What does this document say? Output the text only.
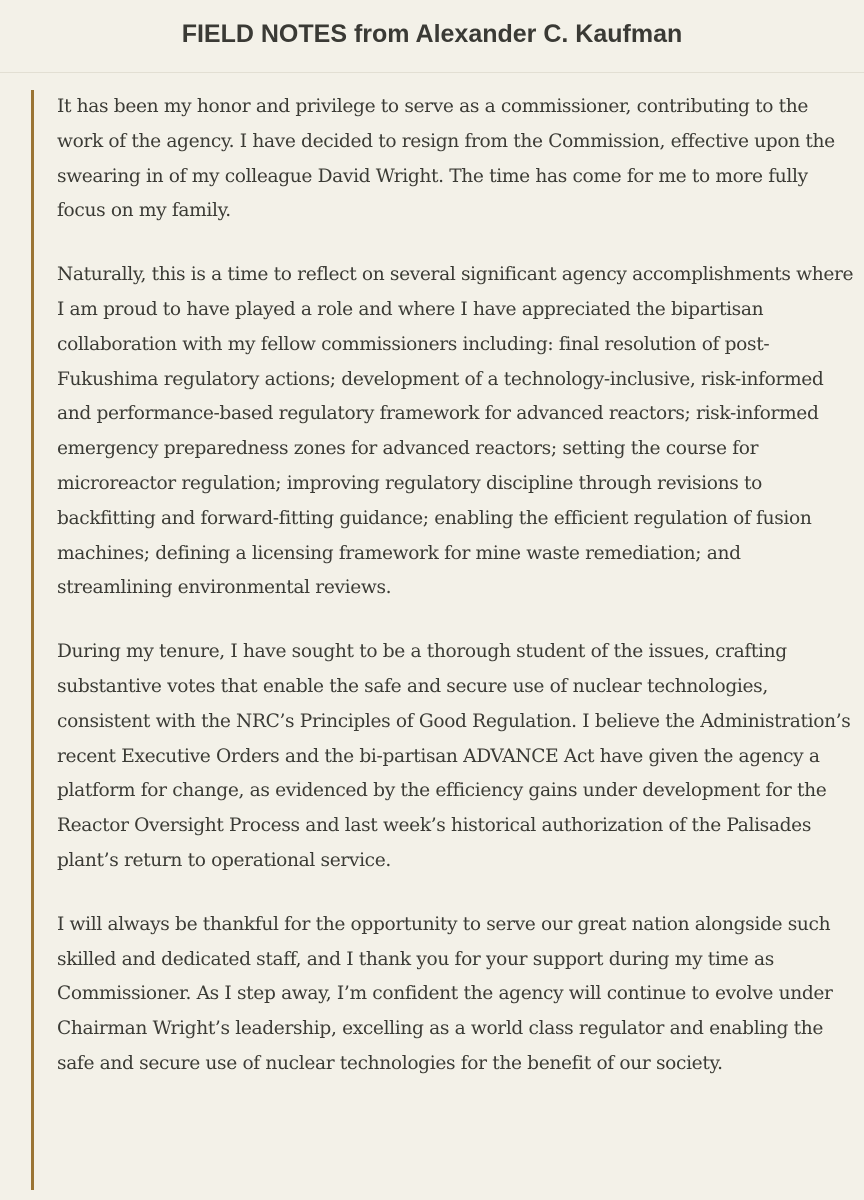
FIELD NOTES from Alexander C. Kaufman

It has been my honor and privilege to serve as a commissioner, contributing to the work of the agency. I have decided to resign from the Commission, effective upon the swearing in of my colleague David Wright. The time has come for me to more fully focus on my family.

Naturally, this is a time to reflect on several significant agency accomplishments where I am proud to have played a role and where I have appreciated the bipartisan collaboration with my fellow commissioners including: final resolution of post-Fukushima regulatory actions; development of a technology-inclusive, risk-informed and performance-based regulatory framework for advanced reactors; risk-informed emergency preparedness zones for advanced reactors; setting the course for microreactor regulation; improving regulatory discipline through revisions to backfitting and forward-fitting guidance; enabling the efficient regulation of fusion machines; defining a licensing framework for mine waste remediation; and streamlining environmental reviews.

During my tenure, I have sought to be a thorough student of the issues, crafting substantive votes that enable the safe and secure use of nuclear technologies, consistent with the NRC’s Principles of Good Regulation. I believe the Administration’s recent Executive Orders and the bi-partisan ADVANCE Act have given the agency a platform for change, as evidenced by the efficiency gains under development for the Reactor Oversight Process and last week’s historical authorization of the Palisades plant’s return to operational service.

I will always be thankful for the opportunity to serve our great nation alongside such skilled and dedicated staff, and I thank you for your support during my time as Commissioner. As I step away, I’m confident the agency will continue to evolve under Chairman Wright’s leadership, excelling as a world class regulator and enabling the safe and secure use of nuclear technologies for the benefit of our society.
